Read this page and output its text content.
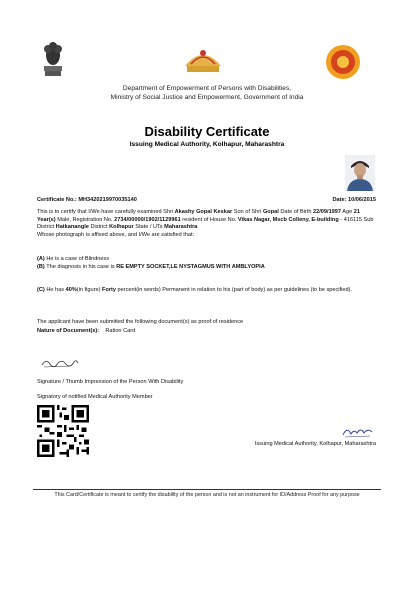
Department of Empowerment of Persons with Disabilities,
Ministry of Social Justice and Empowerment, Government of India
Disability Certificate
Issuing Medical Authority, Kolhapur, Maharashtra
Certificate No.: MH3420219970035140	Date: 10/06/2015
This is to certify that I/We have carefully examined Shri Akashy Gopal Keskar Son of Shri Gopal Date of Birth 22/09/1997 Age 21 Year(s) Male, Registration No. 2734/00000/1902/1129961 resident of House No. Vikas Nagar, Mscb Colleny, E-building - 416115 Sub District Hatkanangle District Kolhapur State / UTs Maharashtra
Whose photograph is affixed above, and I/We are satisfied that:
(A) He is a case of Blindness
(B) The diagnosis in his case is RE EMPTY SOCKET,LE NYSTAGMUS WITH AMBLYOPIA
(C) He has 40%(in figure) Forty percent(in words) Permanent in relation to his (part of body) as per guidelines (to be specified).
The applicant have been submitted the following document(s) as proof of residence
Nature of Document(s): Ration Card
Signature / Thumb Impression of the Person With Disability
Signatory of notified Medical Authority Member
Issuing Medical Authority, Kolhapur, Maharashtra
This Card/Certificate is meant to certify the disability of the person and is not an instrument for ID/Address Proof for any purpose
